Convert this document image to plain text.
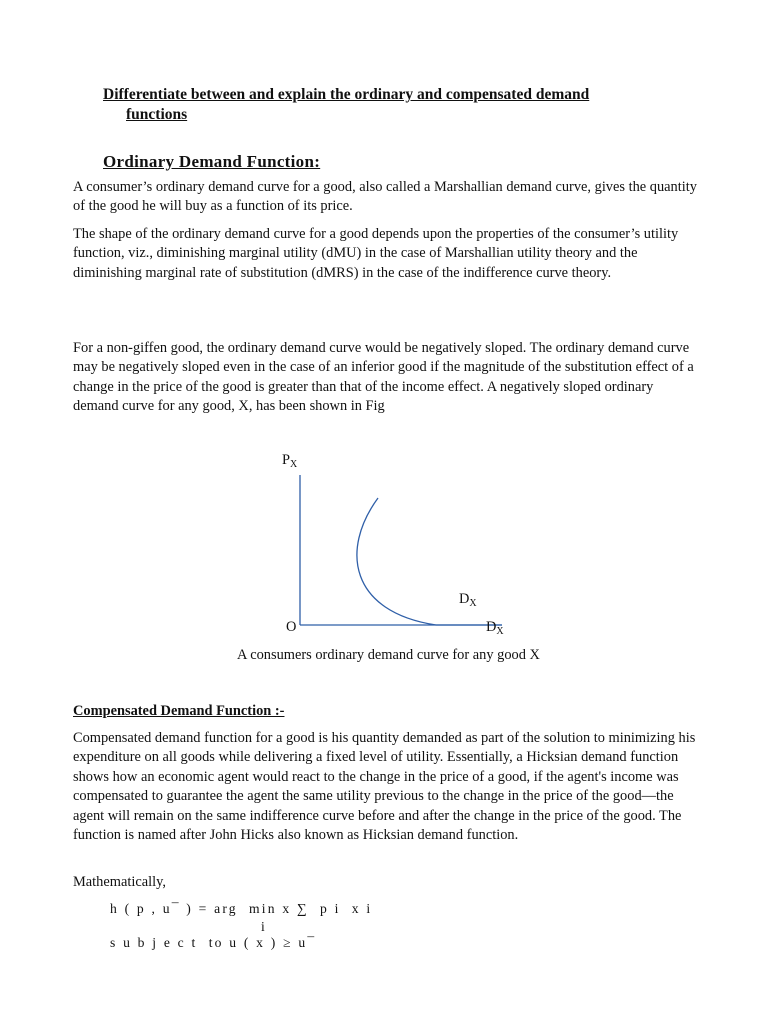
Differentiate between and explain the ordinary and compensated demand
functions
Ordinary Demand Function:
A consumer’s ordinary demand curve for a good, also called a Marshallian demand curve, gives the quantity of the good he will buy as a function of its price.
The shape of the ordinary demand curve for a good depends upon the properties of the consumer’s utility function, viz., diminishing marginal utility (dMU) in the case of Marshallian utility theory and the diminishing marginal rate of substitution (dMRS) in the case of the indifference curve theory.
For a non-giffen good, the ordinary demand curve would be negatively sloped. The ordinary demand curve may be negatively sloped even in the case of an inferior good if the magnitude of the substitution effect of a change in the price of the good is greater than that of the income effect. A negatively sloped ordinary demand curve for any good, X, has been shown in Fig
$P_X$
O
$D_X$
$D_X$
A consumers ordinary demand curve for any good X
Compensated Demand Function :-
Compensated demand function for a good is his quantity demanded as part of the solution to minimizing his expenditure on all goods while delivering a fixed level of utility. Essentially, a Hicksian demand function shows how an economic agent would react to the change in the price of a good, if the agent's income was compensated to guarantee the agent the same utility previous to the change in the price of the good—the agent will remain on the same indifference curve before and after the change in the price of the good. The function is named after John Hicks also known as Hicksian demand function.
Mathematically,
h ( p , u¯ ) = arg  min x ∑  p i  x i
i
s u b j e c t  to u ( x ) ≥ u¯
